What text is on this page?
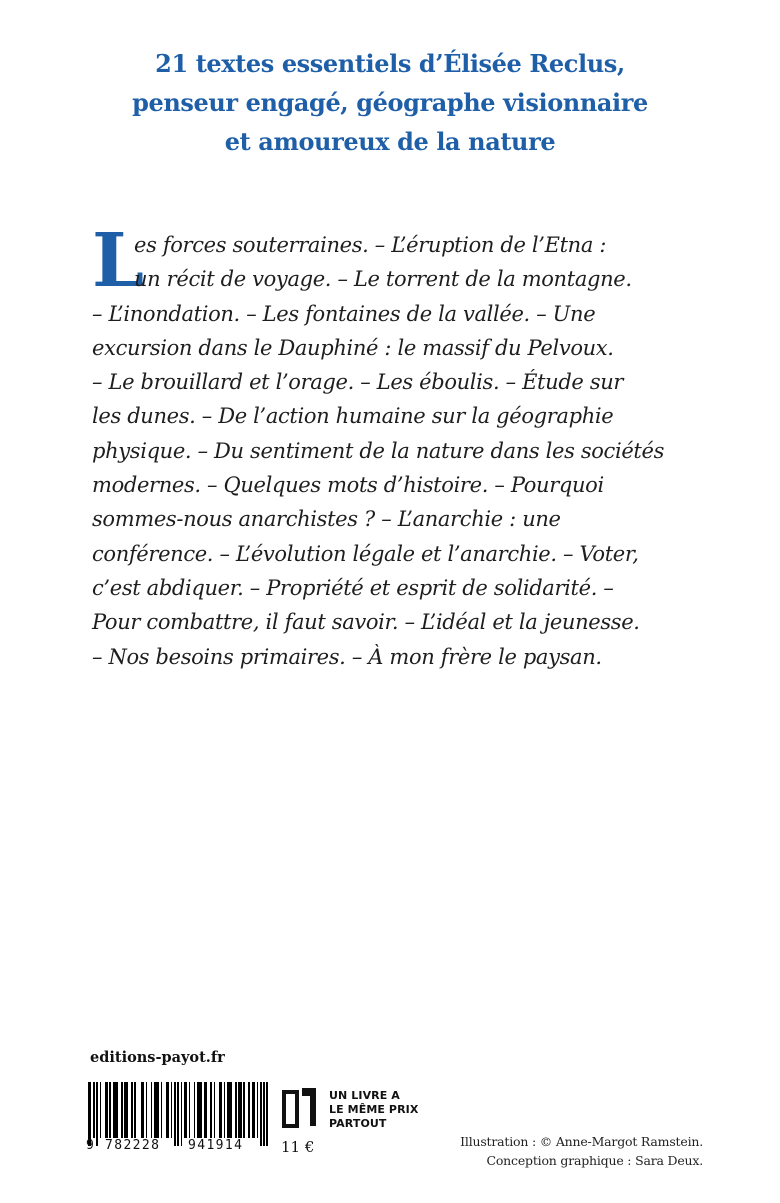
21 textes essentiels d’Élisée Reclus,
penseur engagé, géographe visionnaire
et amoureux de la nature
L
es forces souterraines. – L’éruption de l’Etna :
un récit de voyage. – Le torrent de la montagne.
– L’inondation. – Les fontaines de la vallée. – Une
excursion dans le Dauphiné : le massif du Pelvoux.
– Le brouillard et l’orage. – Les éboulis. – Étude sur
les dunes. – De l’action humaine sur la géographie
physique. – Du sentiment de la nature dans les sociétés
modernes. – Quelques mots d’histoire. – Pourquoi
sommes-nous anarchistes ? – L’anarchie : une
conférence. – L’évolution légale et l’anarchie. – Voter,
c’est abdiquer. – Propriété et esprit de solidarité. –
Pour combattre, il faut savoir. – L’idéal et la jeunesse.
– Nos besoins primaires. – À mon frère le paysan.
editions-payot.fr
9 782228 941914
UN LIVRE A
LE MÊME PRIX
PARTOUT
11 €	Illustration : © Anne-Margot Ramstein.
Conception graphique : Sara Deux.
